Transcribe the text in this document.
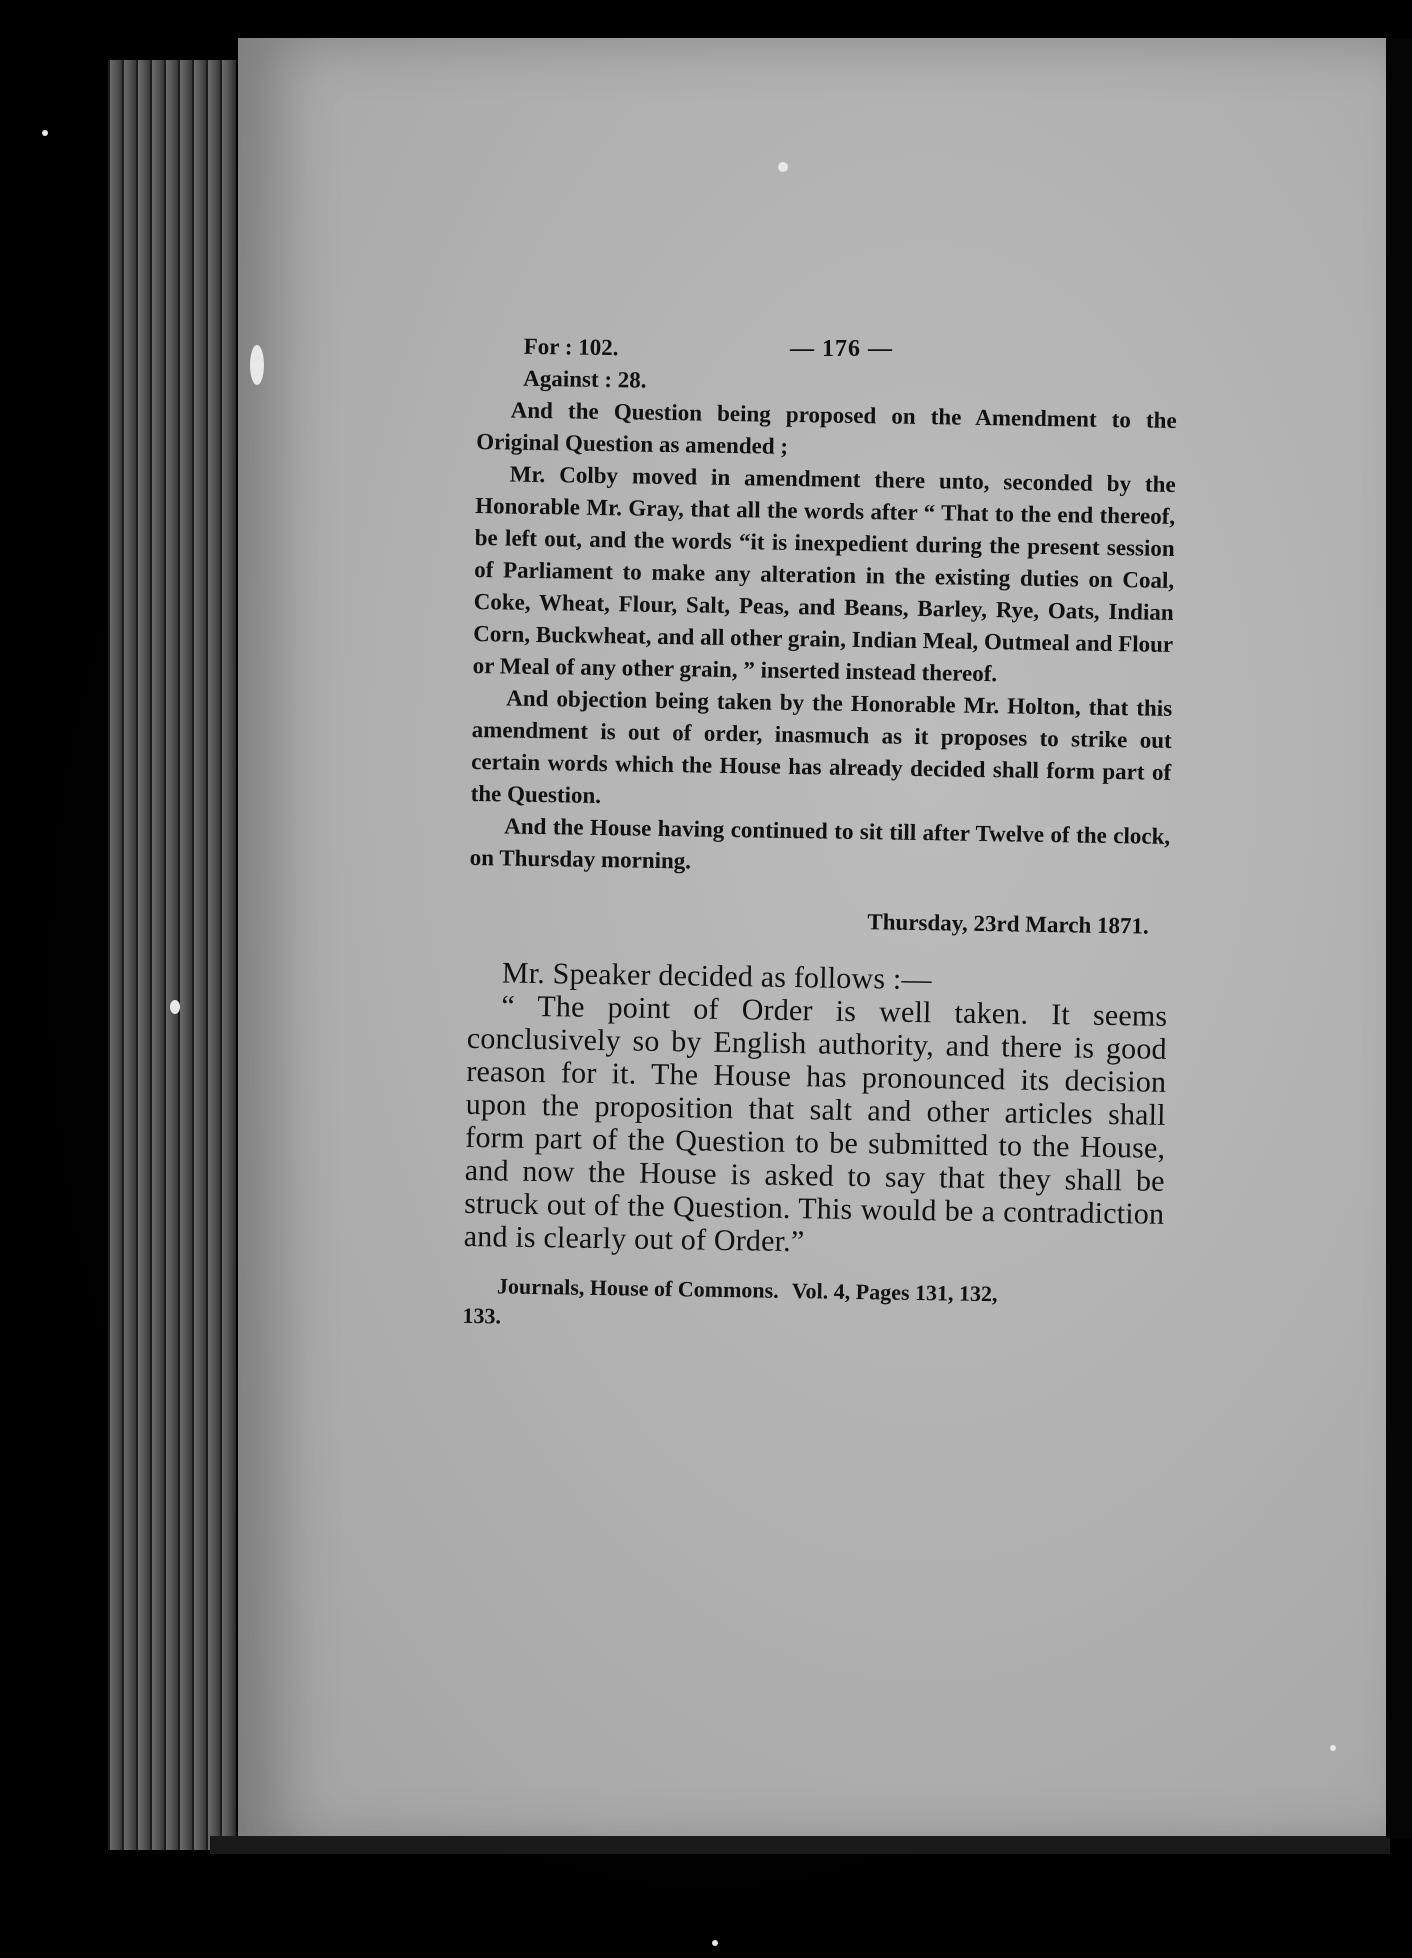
— 176 —

For : 102.

Against : 28.

And the Question being proposed on the Amendment to the Original Question as amended ;

Mr. Colby moved in amendment there unto, seconded by the Honorable Mr. Gray, that all the words after “ That to the end thereof, be left out, and the words “it is inexpedient during the present session of Parliament to make any alteration in the existing duties on Coal, Coke, Wheat, Flour, Salt, Peas, and Beans, Barley, Rye, Oats, Indian Corn, Buckwheat, and all other grain, Indian Meal, Outmeal and Flour or Meal of any other grain, ” inserted instead thereof.

And objection being taken by the Honorable Mr. Holton, that this amendment is out of order, inasmuch as it proposes to strike out certain words which the House has already decided shall form part of the Question.

And the House having continued to sit till after Twelve of the clock, on Thursday morning.

Thursday, 23rd March 1871.

Mr. Speaker decided as follows :—

“ The point of Order is well taken. It seems conclusively so by English authority, and there is good reason for it. The House has pronounced its decision upon the proposition that salt and other articles shall form part of the Question to be submitted to the House, and now the House is asked to say that they shall be struck out of the Question. This would be a contradiction and is clearly out of Order.”

Journals, House of Commons. Vol. 4, Pages 131, 132,

133.
